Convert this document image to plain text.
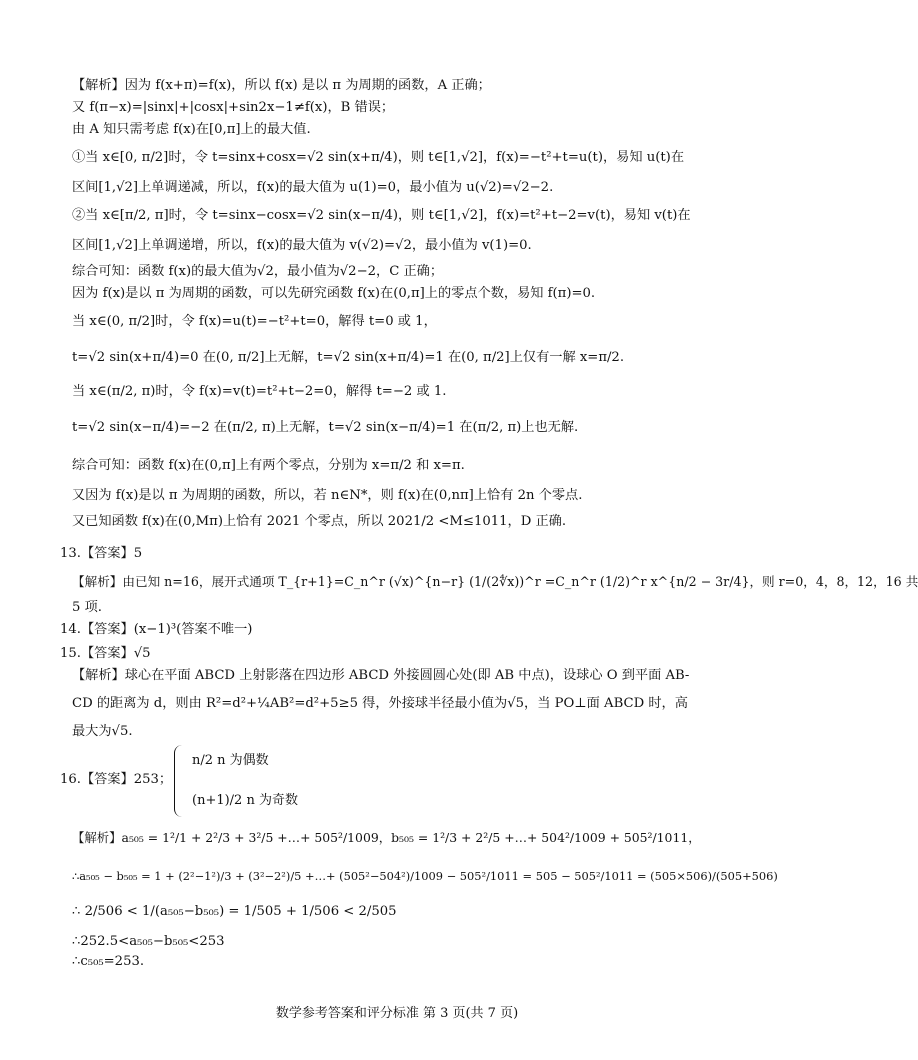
【解析】因为 f(x+π)=f(x)，所以 f(x) 是以 π 为周期的函数，A 正确；
又 f(π−x)=|sinx|+|cosx|+sin2x−1≠f(x)，B 错误；
由 A 知只需考虑 f(x)在[0,π]上的最大值.
①当 x∈[0, π/2]时，令 t=sinx+cosx=√2 sin(x+π/4)，则 t∈[1,√2]，f(x)=−t²+t=u(t)，易知 u(t)在
区间[1,√2]上单调递减，所以，f(x)的最大值为 u(1)=0，最小值为 u(√2)=√2−2.
②当 x∈[π/2, π]时，令 t=sinx−cosx=√2 sin(x−π/4)，则 t∈[1,√2]，f(x)=t²+t−2=v(t)，易知 v(t)在
区间[1,√2]上单调递增，所以，f(x)的最大值为 v(√2)=√2，最小值为 v(1)=0.
综合可知：函数 f(x)的最大值为√2，最小值为√2−2，C 正确；
因为 f(x)是以 π 为周期的函数，可以先研究函数 f(x)在(0,π]上的零点个数，易知 f(π)=0.
当 x∈(0, π/2]时，令 f(x)=u(t)=−t²+t=0，解得 t=0 或 1，
t=√2 sin(x+π/4)=0 在(0, π/2]上无解，t=√2 sin(x+π/4)=1 在(0, π/2]上仅有一解 x=π/2.
当 x∈(π/2, π)时，令 f(x)=v(t)=t²+t−2=0，解得 t=−2 或 1.
t=√2 sin(x−π/4)=−2 在(π/2, π)上无解，t=√2 sin(x−π/4)=1 在(π/2, π)上也无解.
综合可知：函数 f(x)在(0,π]上有两个零点，分别为 x=π/2 和 x=π.
又因为 f(x)是以 π 为周期的函数，所以，若 n∈N*，则 f(x)在(0,nπ]上恰有 2n 个零点.
又已知函数 f(x)在(0,Mπ)上恰有 2021 个零点，所以 2021/2 <M≤1011，D 正确.
13.【答案】5
【解析】由已知 n=16，展开式通项 T_{r+1}=C_n^r (√x)^{n−r} (1/(2∜x))^r =C_n^r (1/2)^r x^{n/2 − 3r/4}，则 r=0，4，8，12，16 共
5 项.
14.【答案】(x−1)³(答案不唯一)
15.【答案】√5
【解析】球心在平面 ABCD 上射影落在四边形 ABCD 外接圆圆心处(即 AB 中点)，设球心 O 到平面 AB-
CD 的距离为 d，则由 R²=d²+¼AB²=d²+5≥5 得，外接球半径最小值为√5，当 PO⊥面 ABCD 时，高
最大为√5.
16.【答案】253；
n/2 n 为偶数
(n+1)/2 n 为奇数
【解析】a₅₀₅ = 1²/1 + 2²/3 + 3²/5 +…+ 505²/1009，b₅₀₅ = 1²/3 + 2²/5 +…+ 504²/1009 + 505²/1011，
∴a₅₀₅ − b₅₀₅ = 1 + (2²−1²)/3 + (3²−2²)/5 +…+ (505²−504²)/1009 − 505²/1011 = 505 − 505²/1011 = (505×506)/(505+506)
∴ 2/506 < 1/(a₅₀₅−b₅₀₅) = 1/505 + 1/506 < 2/505
∴252.5<a₅₀₅−b₅₀₅<253
∴c₅₀₅=253.
数学参考答案和评分标准 第 3 页(共 7 页)
